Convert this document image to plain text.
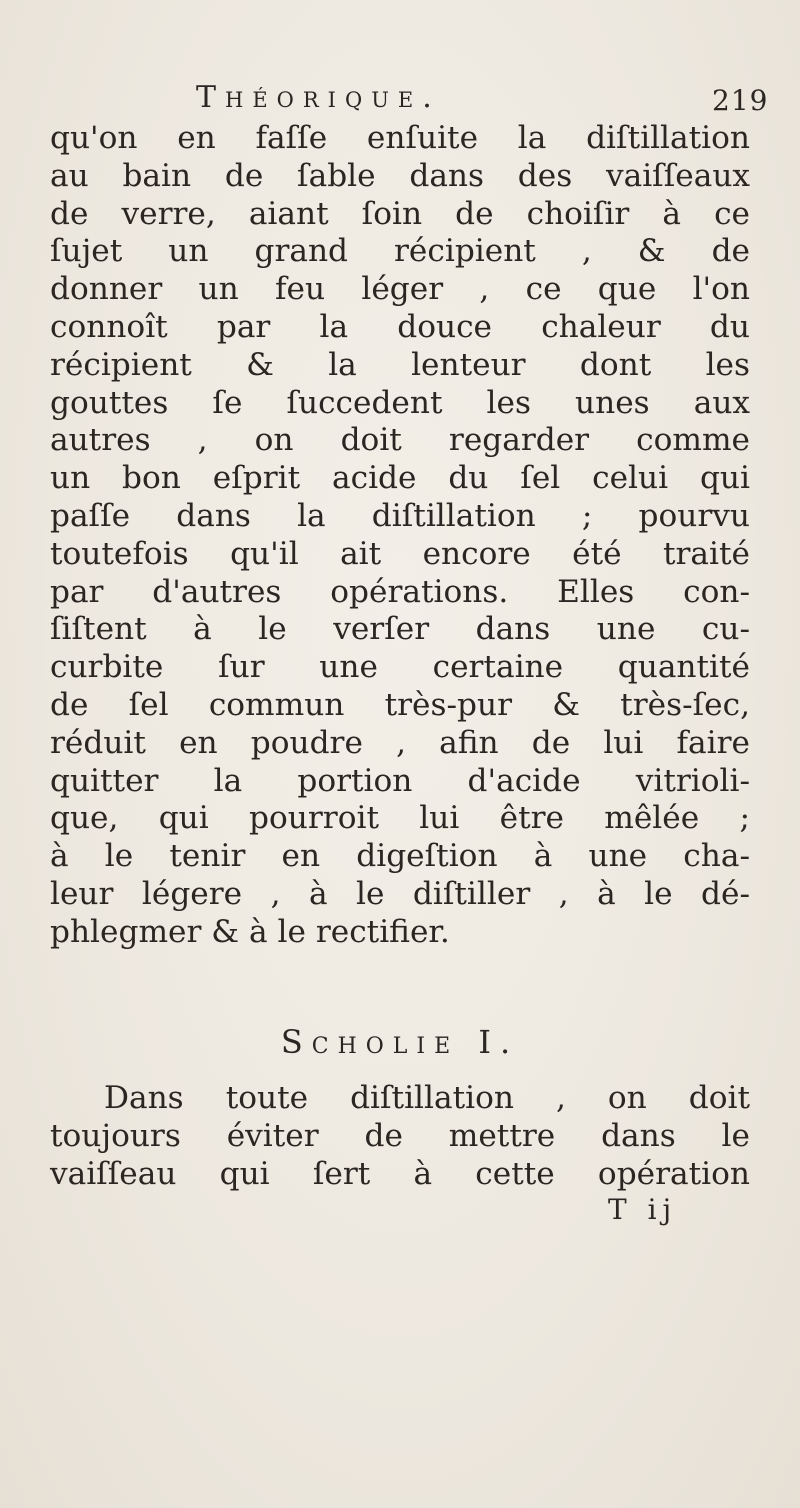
Théorique.	219
qu'on en faſſe enſuite la diſtillation
au bain de ſable dans des vaiſſeaux
de verre, aiant ſoin de choiſir à ce
ſujet un grand récipient , & de
donner un feu léger , ce que l'on
connoît par la douce chaleur du
récipient & la lenteur dont les
gouttes ſe ſuccedent les unes aux
autres , on doit regarder comme
un bon eſprit acide du ſel celui qui
paſſe dans la diſtillation ; pourvu
toutefois qu'il ait encore été traité
par d'autres opérations. Elles con-
ſiſtent à le verſer dans une cu-
curbite ſur une certaine quantité
de ſel commun très-pur & très-ſec,
réduit en poudre , afin de lui faire
quitter la portion d'acide vitrioli-
que, qui pourroit lui être mêlée ;
à le tenir en digeſtion à une cha-
leur légere , à le diſtiller , à le dé-
phlegmer & à le rectifier.
Scholie I.
Dans toute diſtillation , on doit
toujours éviter de mettre dans le
vaiſſeau qui ſert à cette opération
T ij
